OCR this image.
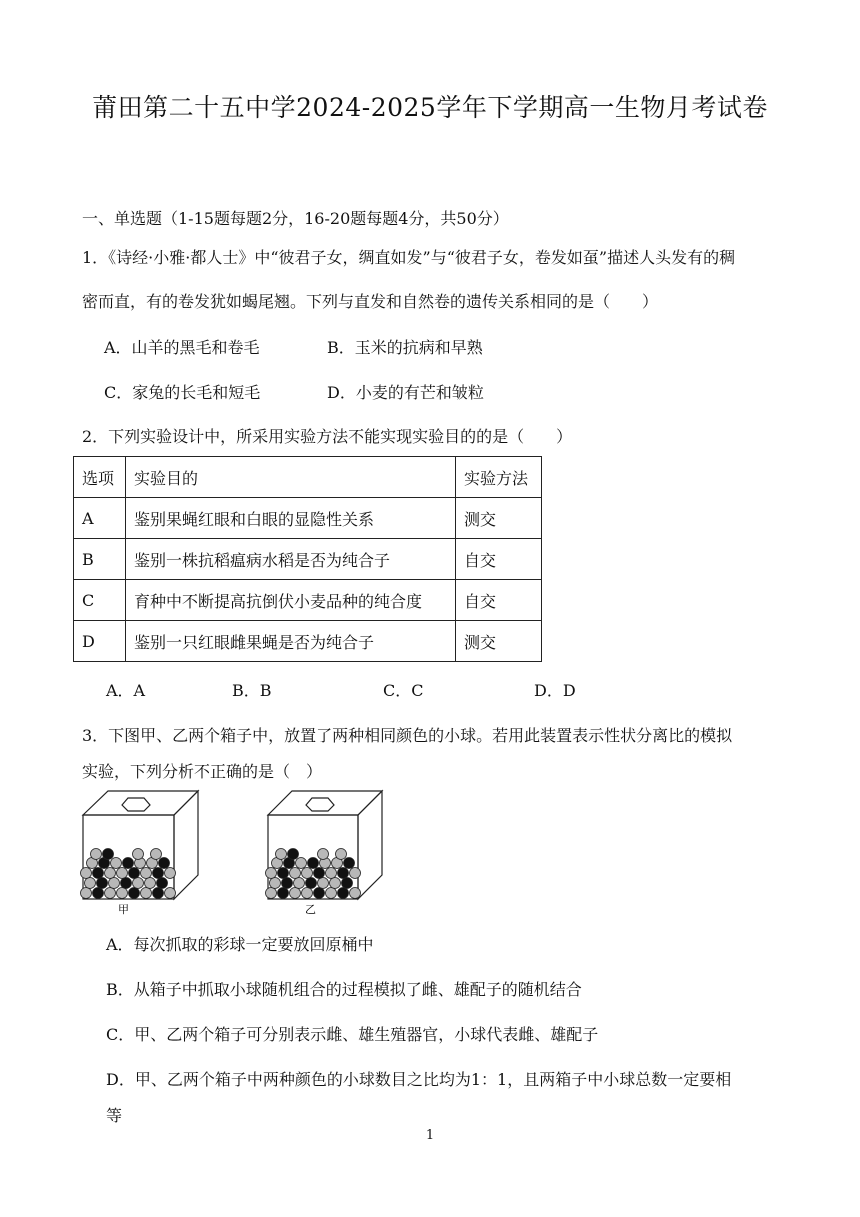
莆田第二十五中学2024-2025学年下学期高一生物月考试卷
一、单选题（1-15题每题2分，16-20题每题4分，共50分）
1．《诗经·小雅·都人士》中“彼君子女，绸直如发”与“彼君子女，卷发如虿”描述人头发有的稠
密而直，有的卷发犹如蝎尾翘。下列与直发和自然卷的遗传关系相同的是（　　）
A．山羊的黑毛和卷毛	B．玉米的抗病和早熟
C．家兔的长毛和短毛	D．小麦的有芒和皱粒
2．下列实验设计中，所采用实验方法不能实现实验目的的是（　　）
选项	实验目的	实验方法
A	鉴别果蝇红眼和白眼的显隐性关系	测交
B	鉴别一株抗稻瘟病水稻是否为纯合子	自交
C	育种中不断提高抗倒伏小麦品种的纯合度	自交
D	鉴别一只红眼雌果蝇是否为纯合子	测交
A．A	B．B	C．C	D．D
3．下图甲、乙两个箱子中，放置了两种相同颜色的小球。若用此装置表示性状分离比的模拟
实验，下列分析不正确的是（　）
甲	乙
A．每次抓取的彩球一定要放回原桶中
B．从箱子中抓取小球随机组合的过程模拟了雌、雄配子的随机结合
C．甲、乙两个箱子可分别表示雌、雄生殖器官，小球代表雌、雄配子
D．甲、乙两个箱子中两种颜色的小球数目之比均为1：1，且两箱子中小球总数一定要相
等
1
